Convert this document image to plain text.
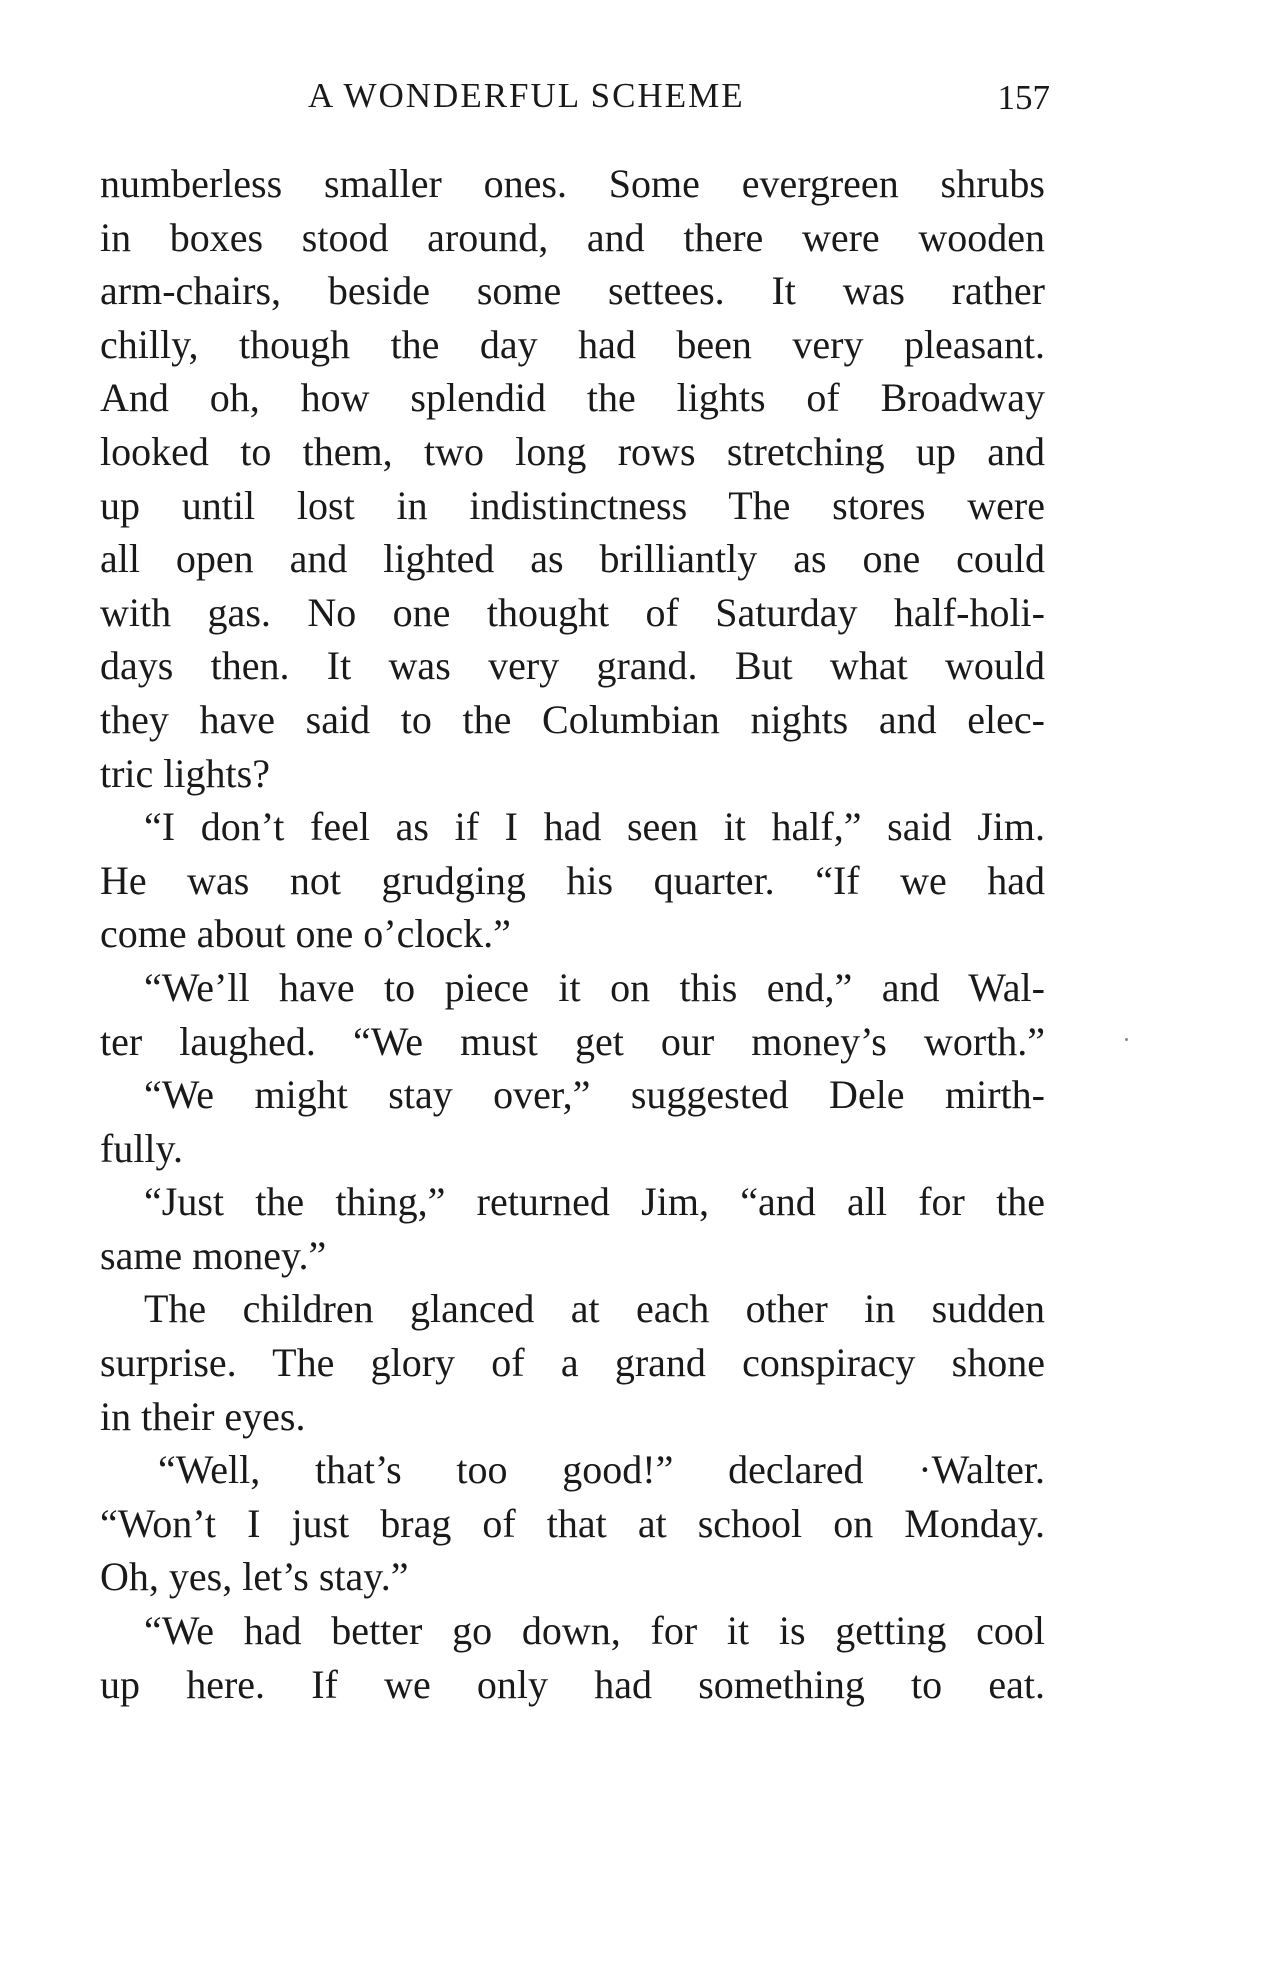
A WONDERFUL SCHEME	157
numberless smaller ones. Some evergreen shrubs
in boxes stood around, and there were wooden
arm-chairs, beside some settees. It was rather
chilly, though the day had been very pleasant.
And oh, how splendid the lights of Broadway
looked to them, two long rows stretching up and
up until lost in indistinctness The stores were
all open and lighted as brilliantly as one could
with gas. No one thought of Saturday half-holi-
days then. It was very grand. But what would
they have said to the Columbian nights and elec-
tric lights?
“I don’t feel as if I had seen it half,” said Jim.
He was not grudging his quarter. “If we had
come about one o’clock.”
“We’ll have to piece it on this end,” and Wal-
ter laughed. “We must get our money’s worth.”
“We might stay over,” suggested Dele mirth-
fully.
“Just the thing,” returned Jim, “and all for the
same money.”
The children glanced at each other in sudden
surprise. The glory of a grand conspiracy shone
in their eyes.
“Well, that’s too good!” declared ·Walter.
“Won’t I just brag of that at school on Monday.
Oh, yes, let’s stay.”
“We had better go down, for it is getting cool
up here. If we only had something to eat.
